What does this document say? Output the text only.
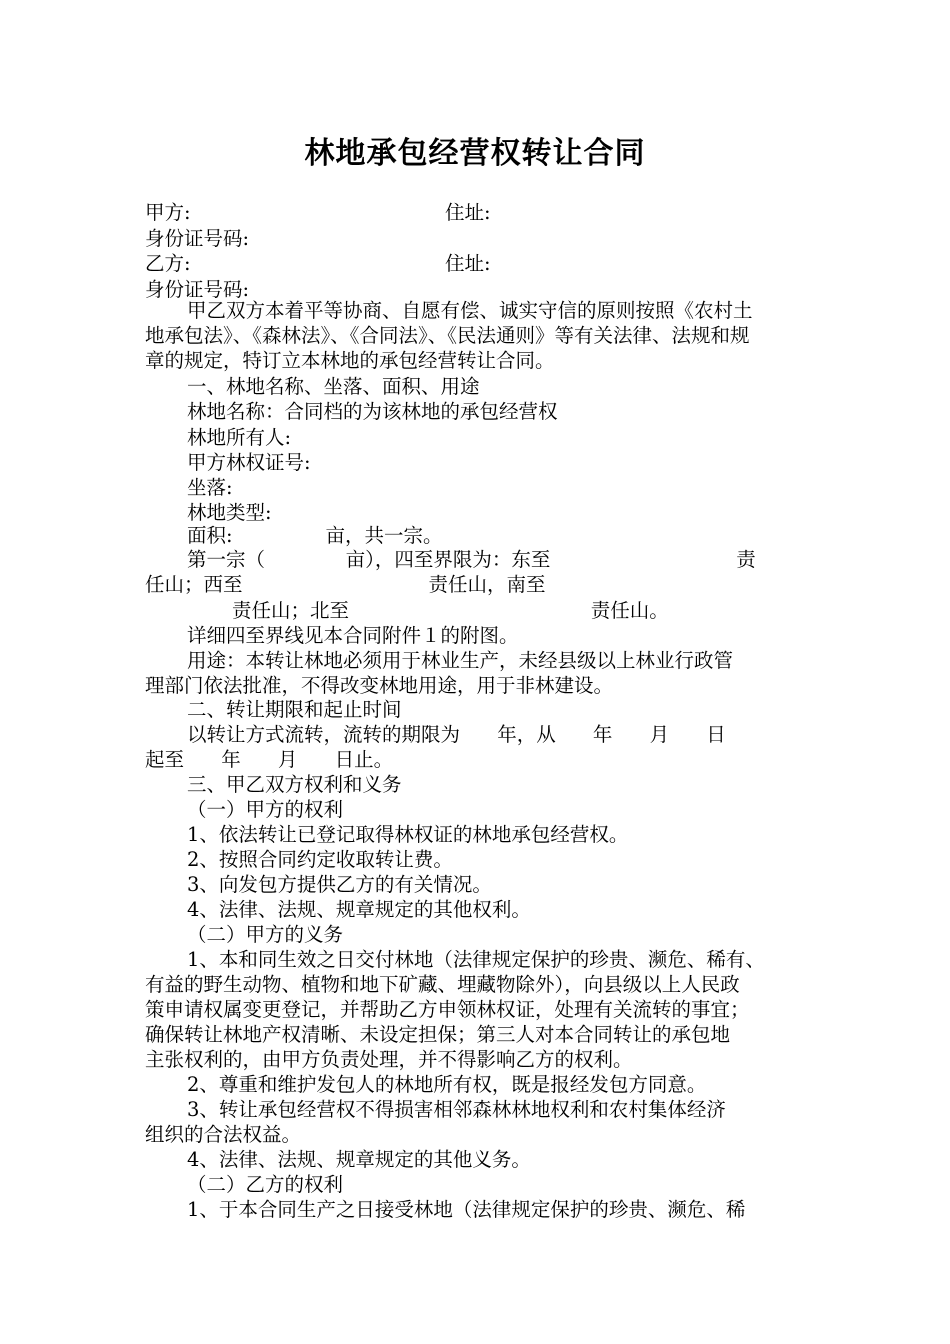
林地承包经营权转让合同
甲方:	住址:
身份证号码:
乙方:	住址:
身份证号码:
甲乙双方本着平等协商、自愿有偿、诚实守信的原则按照《农村土
地承包法》、《森林法》、《合同法》、《民法通则》等有关法律、法规和规
章的规定，特订立本林地的承包经营转让合同。
一、林地名称、坐落、面积、用途
林地名称：合同档的为该林地的承包经营权
林地所有人:
甲方林权证号:
坐落:
林地类型:
面积:               亩，共一宗。
第一宗（             亩），四至界限为：东至                              责
任山；西至                              责任山，南至
责任山；北至                                       责任山。
详细四至界线见本合同附件１的附图。
用途：本转让林地必须用于林业生产，未经县级以上林业行政管
理部门依法批准，不得改变林地用途，用于非林建设。
二、转让期限和起止时间
以转让方式流转，流转的期限为      年，从      年      月      日
起至      年      月      日止。
三、甲乙双方权利和义务
（一）甲方的权利
1、依法转让已登记取得林权证的林地承包经营权。
2、按照合同约定收取转让费。
3、向发包方提供乙方的有关情况。
4、法律、法规、规章规定的其他权利。
（二）甲方的义务
1、本和同生效之日交付林地（法律规定保护的珍贵、濒危、稀有、
有益的野生动物、植物和地下矿藏、埋藏物除外），向县级以上人民政
策申请权属变更登记，并帮助乙方申领林权证，处理有关流转的事宜；
确保转让林地产权清晰、未设定担保；第三人对本合同转让的承包地
主张权利的，由甲方负责处理，并不得影响乙方的权利。
2、尊重和维护发包人的林地所有权，既是报经发包方同意。
3、转让承包经营权不得损害相邻森林林地权利和农村集体经济
组织的合法权益。
4、法律、法规、规章规定的其他义务。
（二）乙方的权利
1、于本合同生产之日接受林地（法律规定保护的珍贵、濒危、稀
